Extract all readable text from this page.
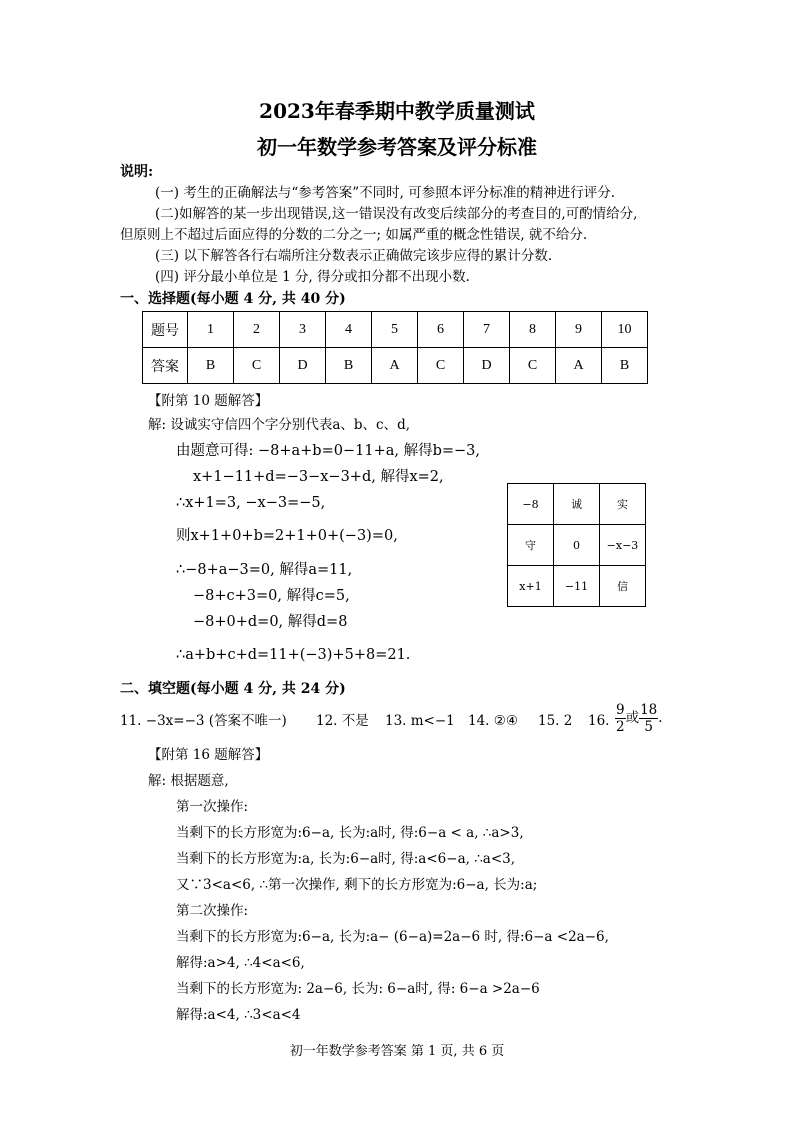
2023年春季期中教学质量测试
初一年数学参考答案及评分标准
说明:
(一) 考生的正确解法与“参考答案”不同时, 可参照本评分标准的精神进行评分.
(二)如解答的某一步出现错误,这一错误没有改变后续部分的考查目的,可酌情给分,
但原则上不超过后面应得的分数的二分之一; 如属严重的概念性错误, 就不给分.
(三) 以下解答各行右端所注分数表示正确做完该步应得的累计分数.
(四) 评分最小单位是 1 分, 得分或扣分都不出现小数.
一、选择题(每小题 4 分, 共 40 分)
题号	1	2	3	4	5	6	7	8	9	10
答案	B	C	D	B	A	C	D	C	A	B
【附第 10 题解答】
解: 设诚实守信四个字分别代表a、b、c、d,
由题意可得: −8+a+b=0−11+a, 解得b=−3,
x+1−11+d=−3−x−3+d, 解得x=2,
∴x+1=3, −x−3=−5,
则x+1+0+b=2+1+0+(−3)=0,
∴−8+a−3=0, 解得a=11,
−8+c+3=0, 解得c=5,
−8+0+d=0, 解得d=8
∴a+b+c+d=11+(−3)+5+8=21.
−8	诚	实
守	0	−x−3
x+1	−11	信
二、填空题(每小题 4 分, 共 24 分)
11. −3x=−3 (答案不唯一) 12. 不是 13. m<−1 14. ②④ 15. 2 16. $\frac{9}{2}$ 或 $\frac{18}{5}$ .
【附第 16 题解答】
解: 根据题意,
第一次操作:
当剩下的长方形宽为:6−a, 长为:a时, 得:6−a < a, ∴a>3,
当剩下的长方形宽为:a, 长为:6−a时, 得:a<6−a, ∴a<3,
又∵3<a<6, ∴第一次操作, 剩下的长方形宽为:6−a, 长为:a;
第二次操作:
当剩下的长方形宽为:6−a, 长为:a− (6−a)=2a−6 时, 得:6−a <2a−6,
解得:a>4, ∴4<a<6,
当剩下的长方形宽为: 2a−6, 长为: 6−a时, 得: 6−a >2a−6
解得:a<4, ∴3<a<4
初一年数学参考答案 第 1 页, 共 6 页
